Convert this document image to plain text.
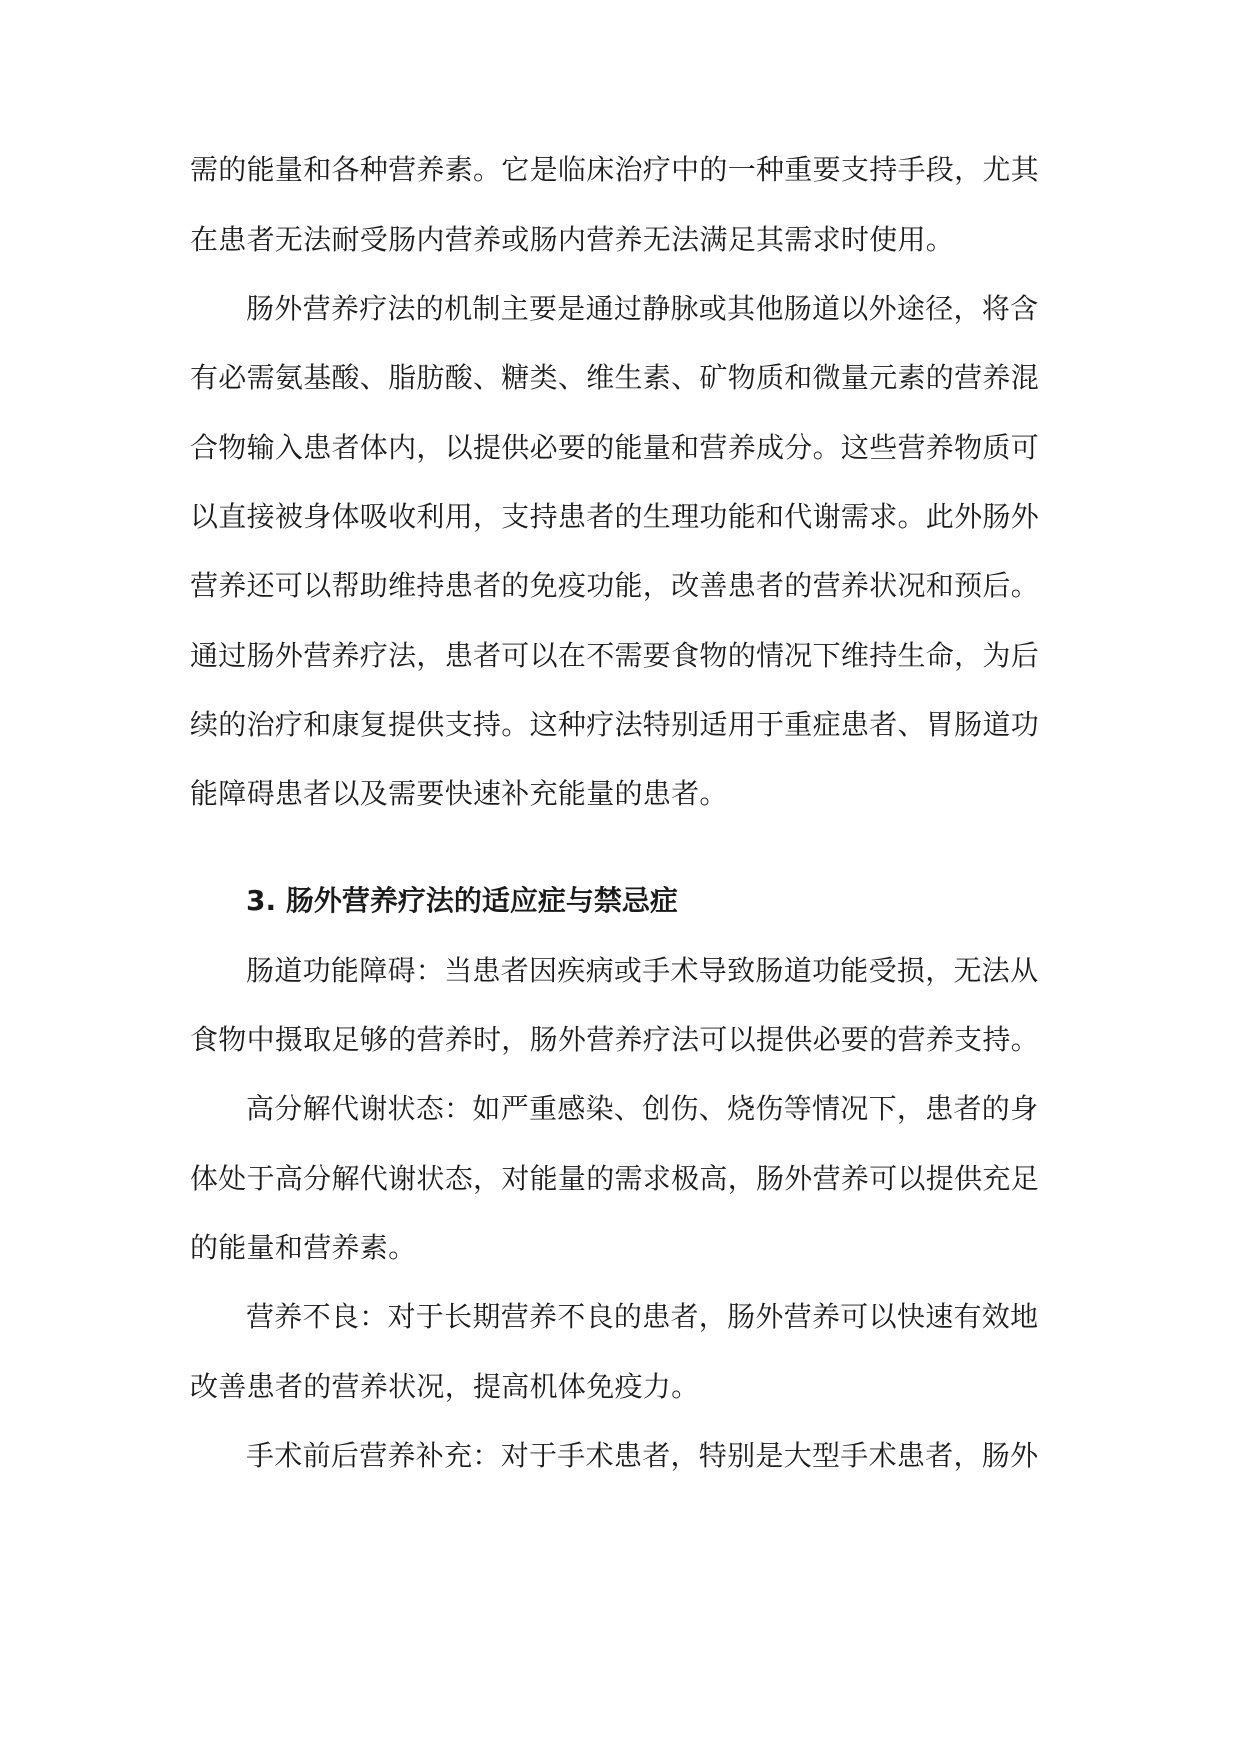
需的能量和各种营养素。它是临床治疗中的一种重要支持手段，尤其
在患者无法耐受肠内营养或肠内营养无法满足其需求时使用。
肠外营养疗法的机制主要是通过静脉或其他肠道以外途径，将含
有必需氨基酸、脂肪酸、糖类、维生素、矿物质和微量元素的营养混
合物输入患者体内，以提供必要的能量和营养成分。这些营养物质可
以直接被身体吸收利用，支持患者的生理功能和代谢需求。此外肠外
营养还可以帮助维持患者的免疫功能，改善患者的营养状况和预后。
通过肠外营养疗法，患者可以在不需要食物的情况下维持生命，为后
续的治疗和康复提供支持。这种疗法特别适用于重症患者、胃肠道功
能障碍患者以及需要快速补充能量的患者。
3. 肠外营养疗法的适应症与禁忌症
肠道功能障碍：当患者因疾病或手术导致肠道功能受损，无法从
食物中摄取足够的营养时，肠外营养疗法可以提供必要的营养支持。
高分解代谢状态：如严重感染、创伤、烧伤等情况下，患者的身
体处于高分解代谢状态，对能量的需求极高，肠外营养可以提供充足
的能量和营养素。
营养不良：对于长期营养不良的患者，肠外营养可以快速有效地
改善患者的营养状况，提高机体免疫力。
手术前后营养补充：对于手术患者，特别是大型手术患者，肠外
